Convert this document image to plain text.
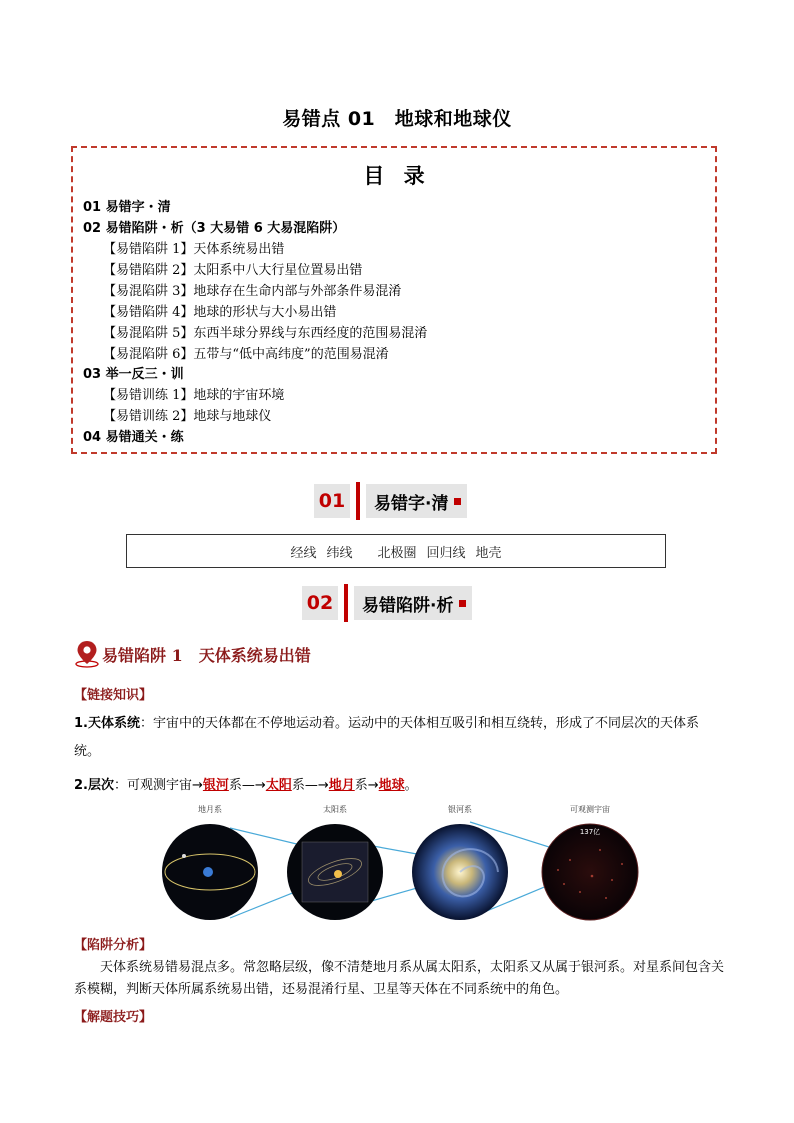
易错点 01　地球和地球仪
目 录
01 易错字・清
02 易错陷阱・析（3 大易错 6 大易混陷阱）
【易错陷阱 1】天体系统易出错
【易错陷阱 2】太阳系中八大行星位置易出错
【易混陷阱 3】地球存在生命内部与外部条件易混淆
【易错陷阱 4】地球的形状与大小易出错
【易混陷阱 5】东西半球分界线与东西经度的范围易混淆
【易混陷阱 6】五带与“低中高纬度”的范围易混淆
03 举一反三・训
【易错训练 1】地球的宇宙环境
【易错训练 2】地球与地球仪
04 易错通关・练
01 易错字·清
经线 纬线 北极圈 回归线 地壳
02 易错陷阱·析
易错陷阱 1　天体系统易出错
【链接知识】
1.天体系统：宇宙中的天体都在不停地运动着。运动中的天体相互吸引和相互绕转，形成了不同层次的天体系统。
2.层次：可观测宇宙→银河系—→太阳系—→地月系→地球。
地月系	太阳系	银河系	可观测宇宙
137亿
【陷阱分析】
天体系统易错易混点多。常忽略层级，像不清楚地月系从属太阳系，太阳系又从属于银河系。对星系间包含关系模糊，判断天体所属系统易出错，还易混淆行星、卫星等天体在不同系统中的角色。
【解题技巧】
